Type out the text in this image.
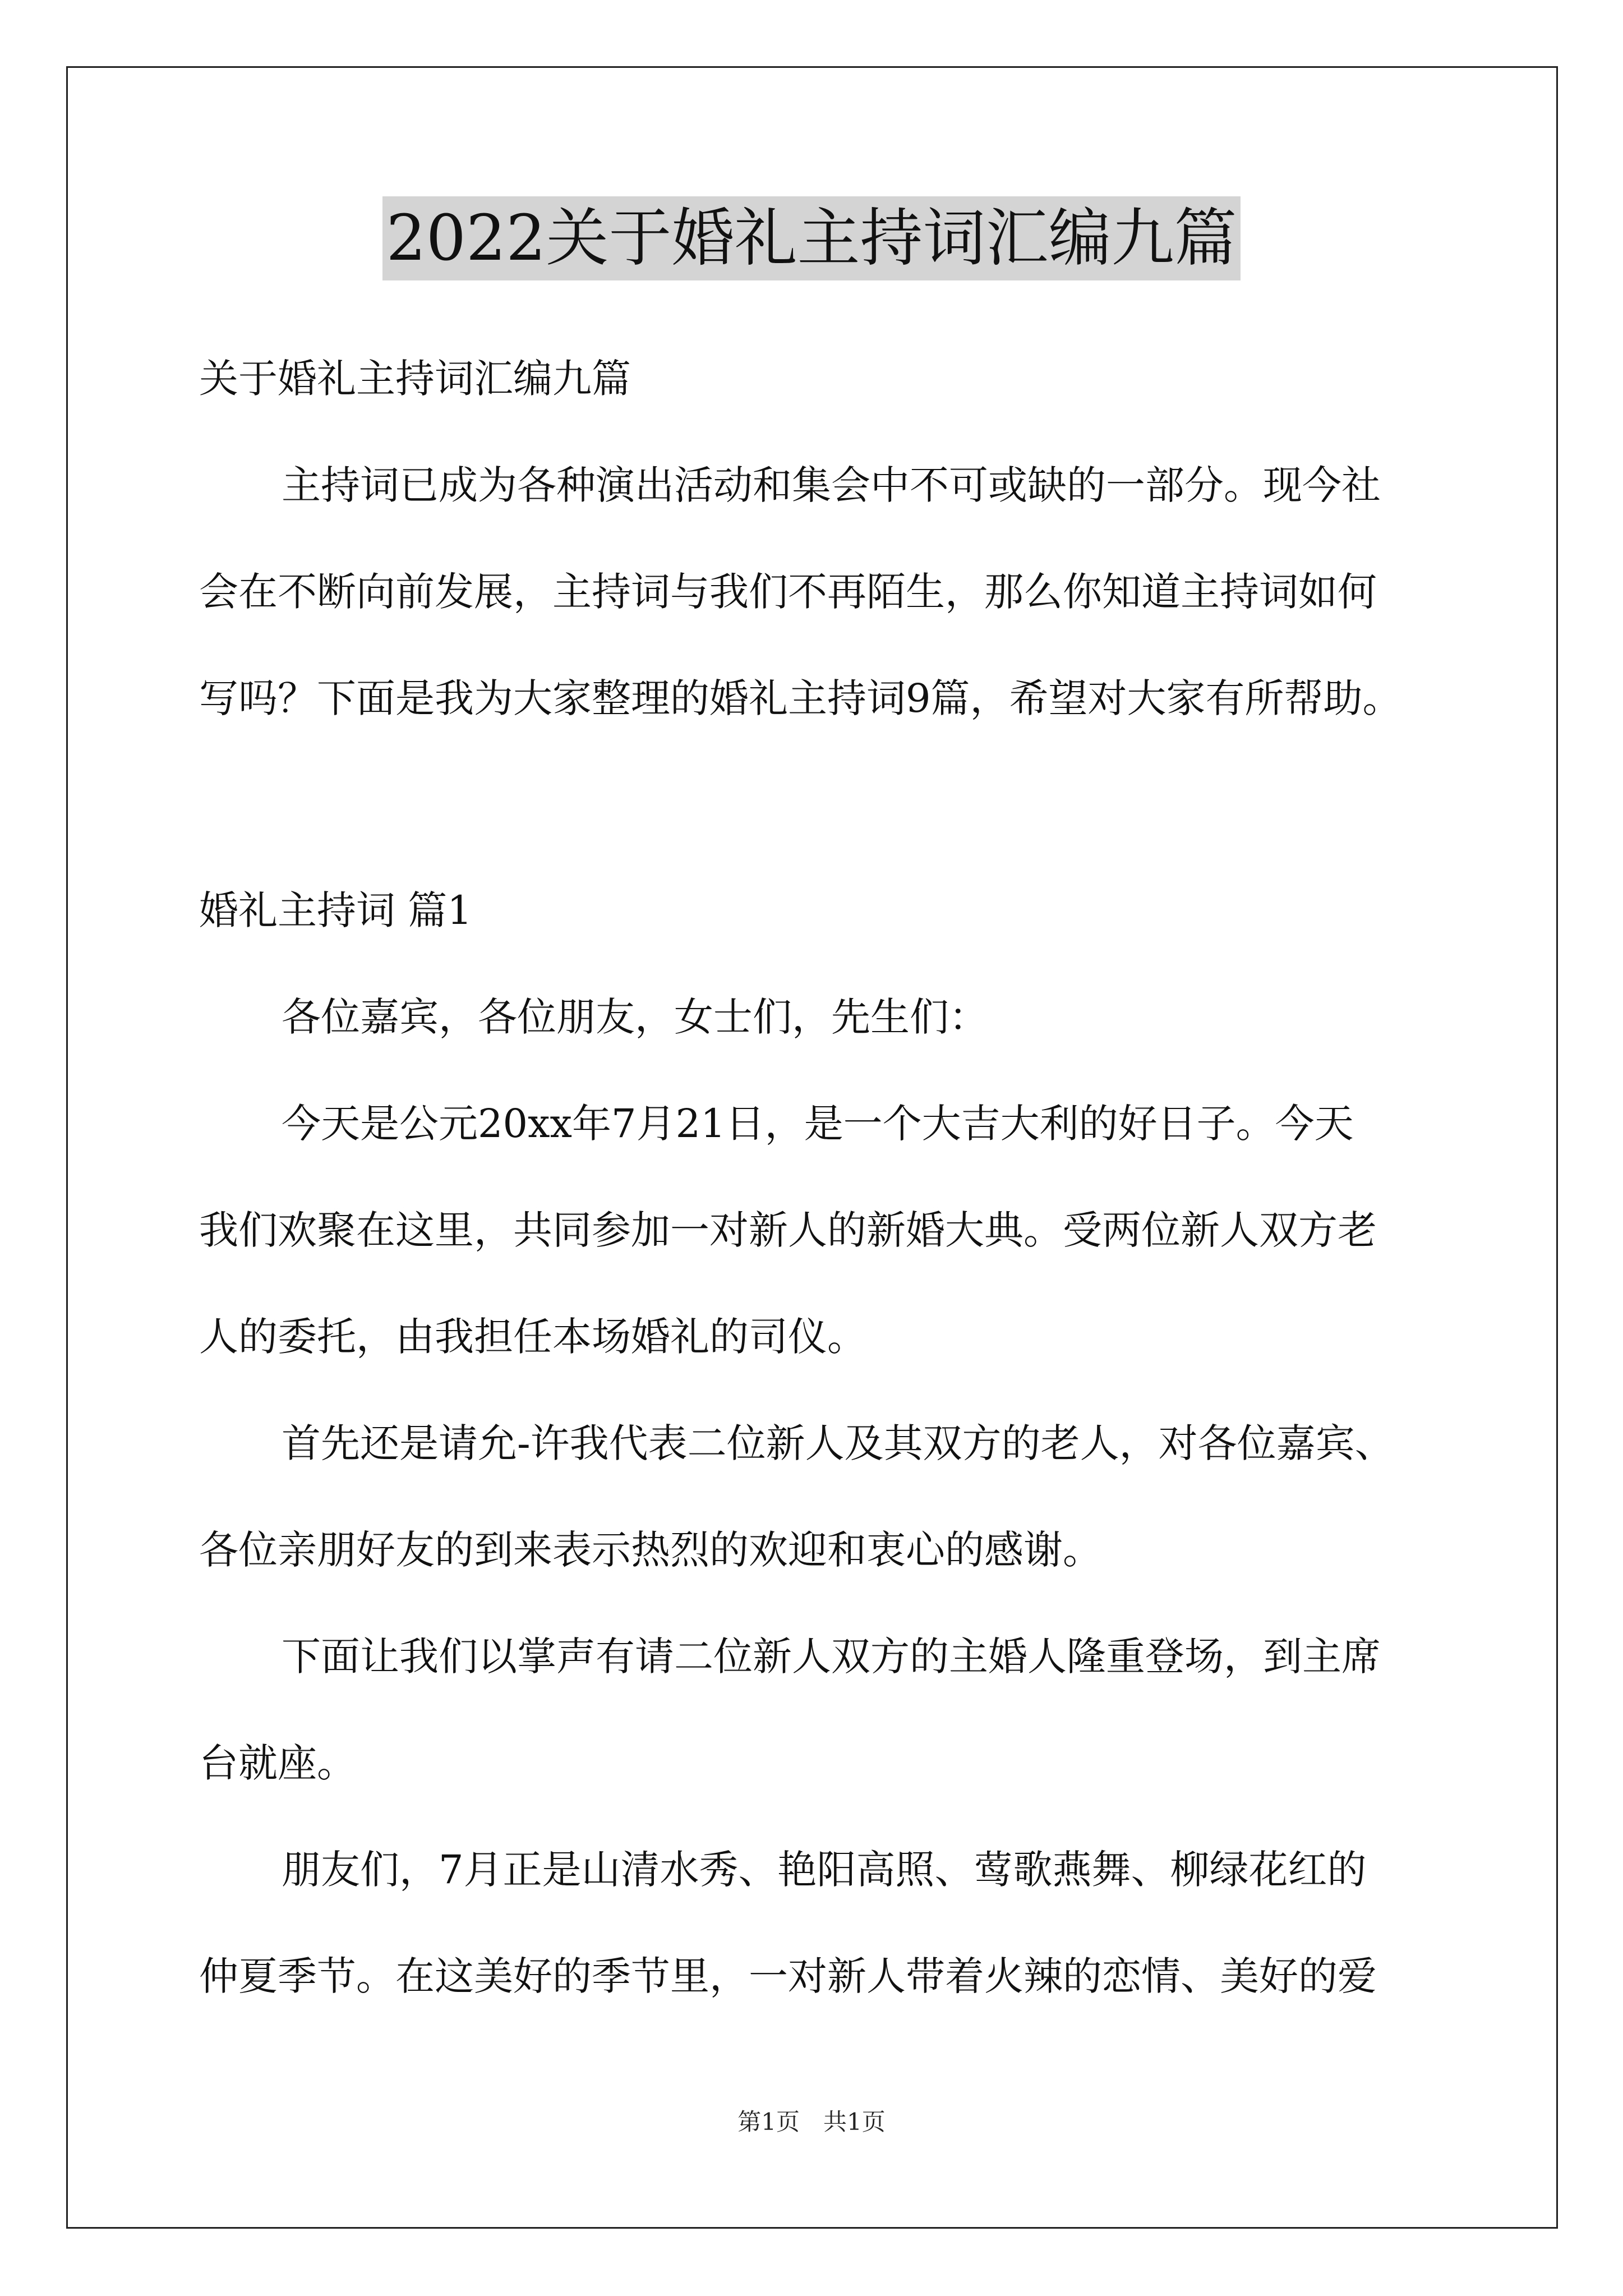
2022关于婚礼主持词汇编九篇
关于婚礼主持词汇编九篇
主持词已成为各种演出活动和集会中不可或缺的一部分。现今社
会在不断向前发展，主持词与我们不再陌生，那么你知道主持词如何
写吗？下面是我为大家整理的婚礼主持词9篇，希望对大家有所帮助。
婚礼主持词 篇1
各位嘉宾，各位朋友，女士们，先生们：
今天是公元20xx年7月21日，是一个大吉大利的好日子。今天
我们欢聚在这里，共同参加一对新人的新婚大典。受两位新人双方老
人的委托，由我担任本场婚礼的司仪。
首先还是请允-许我代表二位新人及其双方的老人，对各位嘉宾、
各位亲朋好友的到来表示热烈的欢迎和衷心的感谢。
下面让我们以掌声有请二位新人双方的主婚人隆重登场，到主席
台就座。
朋友们，7月正是山清水秀、艳阳高照、莺歌燕舞、柳绿花红的
仲夏季节。在这美好的季节里，一对新人带着火辣的恋情、美好的爱
第1页　共1页
